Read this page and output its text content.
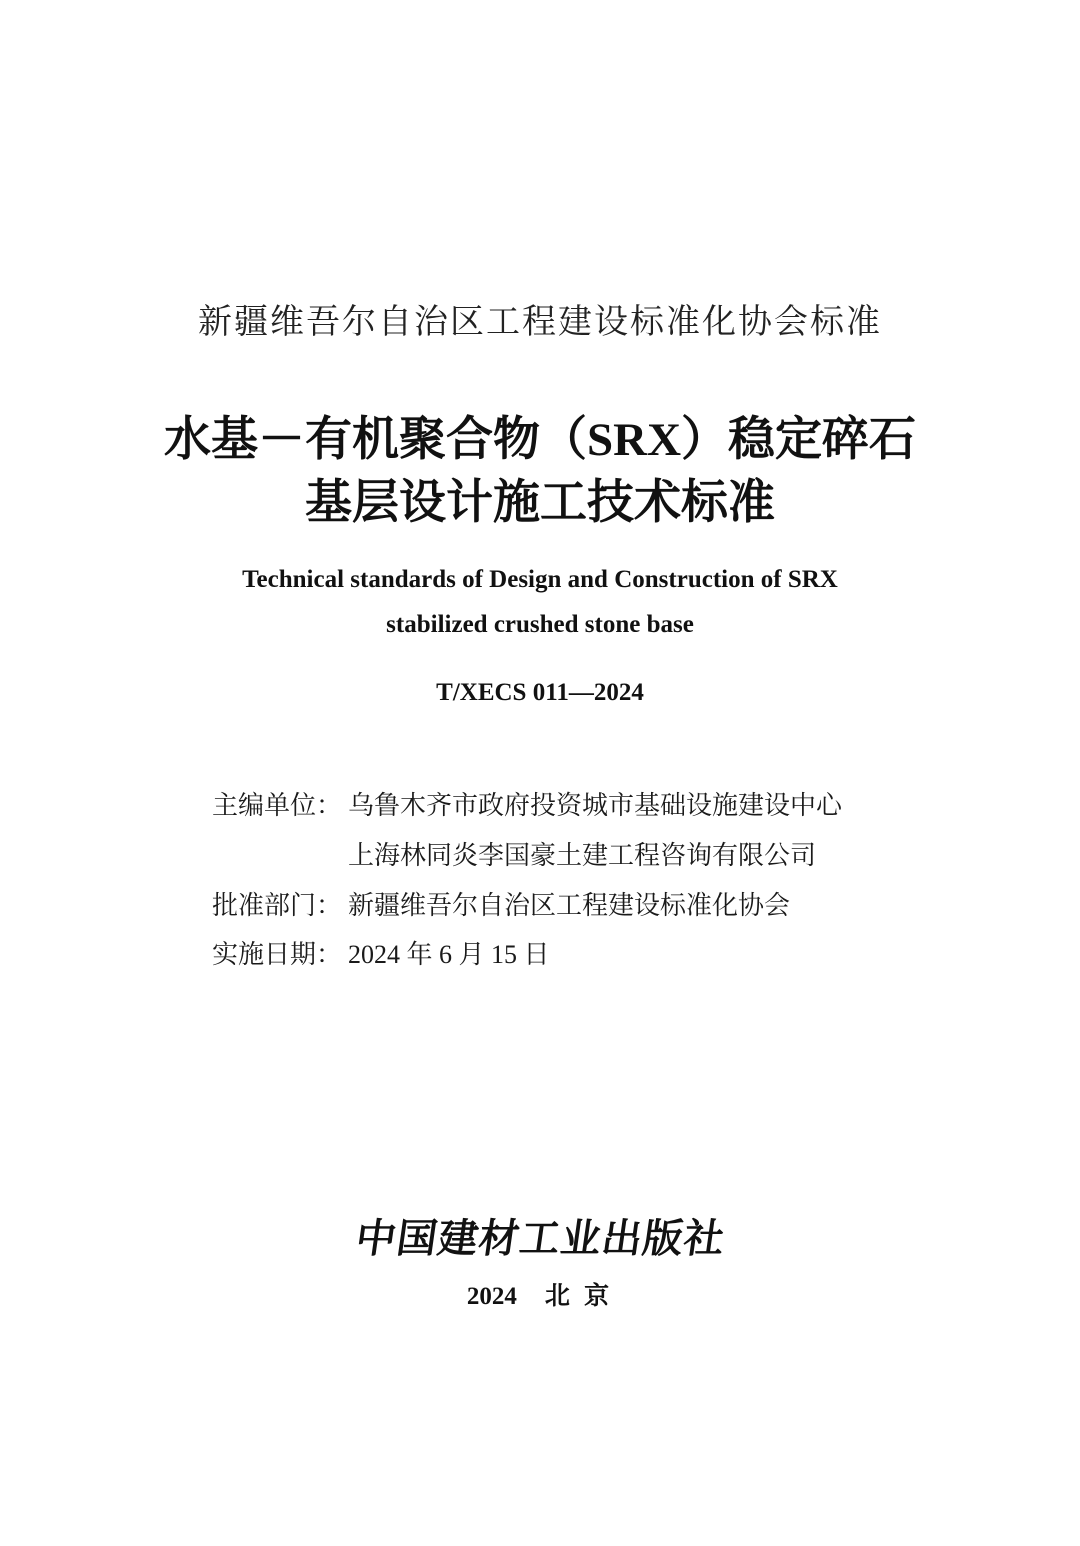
新疆维吾尔自治区工程建设标准化协会标准
水基－有机聚合物（SRX）稳定碎石
基层设计施工技术标准
Technical standards of Design and Construction of SRX
stabilized crushed stone base
T/XECS 011—2024
主编单位： 乌鲁木齐市政府投资城市基础设施建设中心
上海林同炎李国豪土建工程咨询有限公司
批准部门： 新疆维吾尔自治区工程建设标准化协会
实施日期： 2024 年 6 月 15 日
中国建材工业出版社
2024 北 京
